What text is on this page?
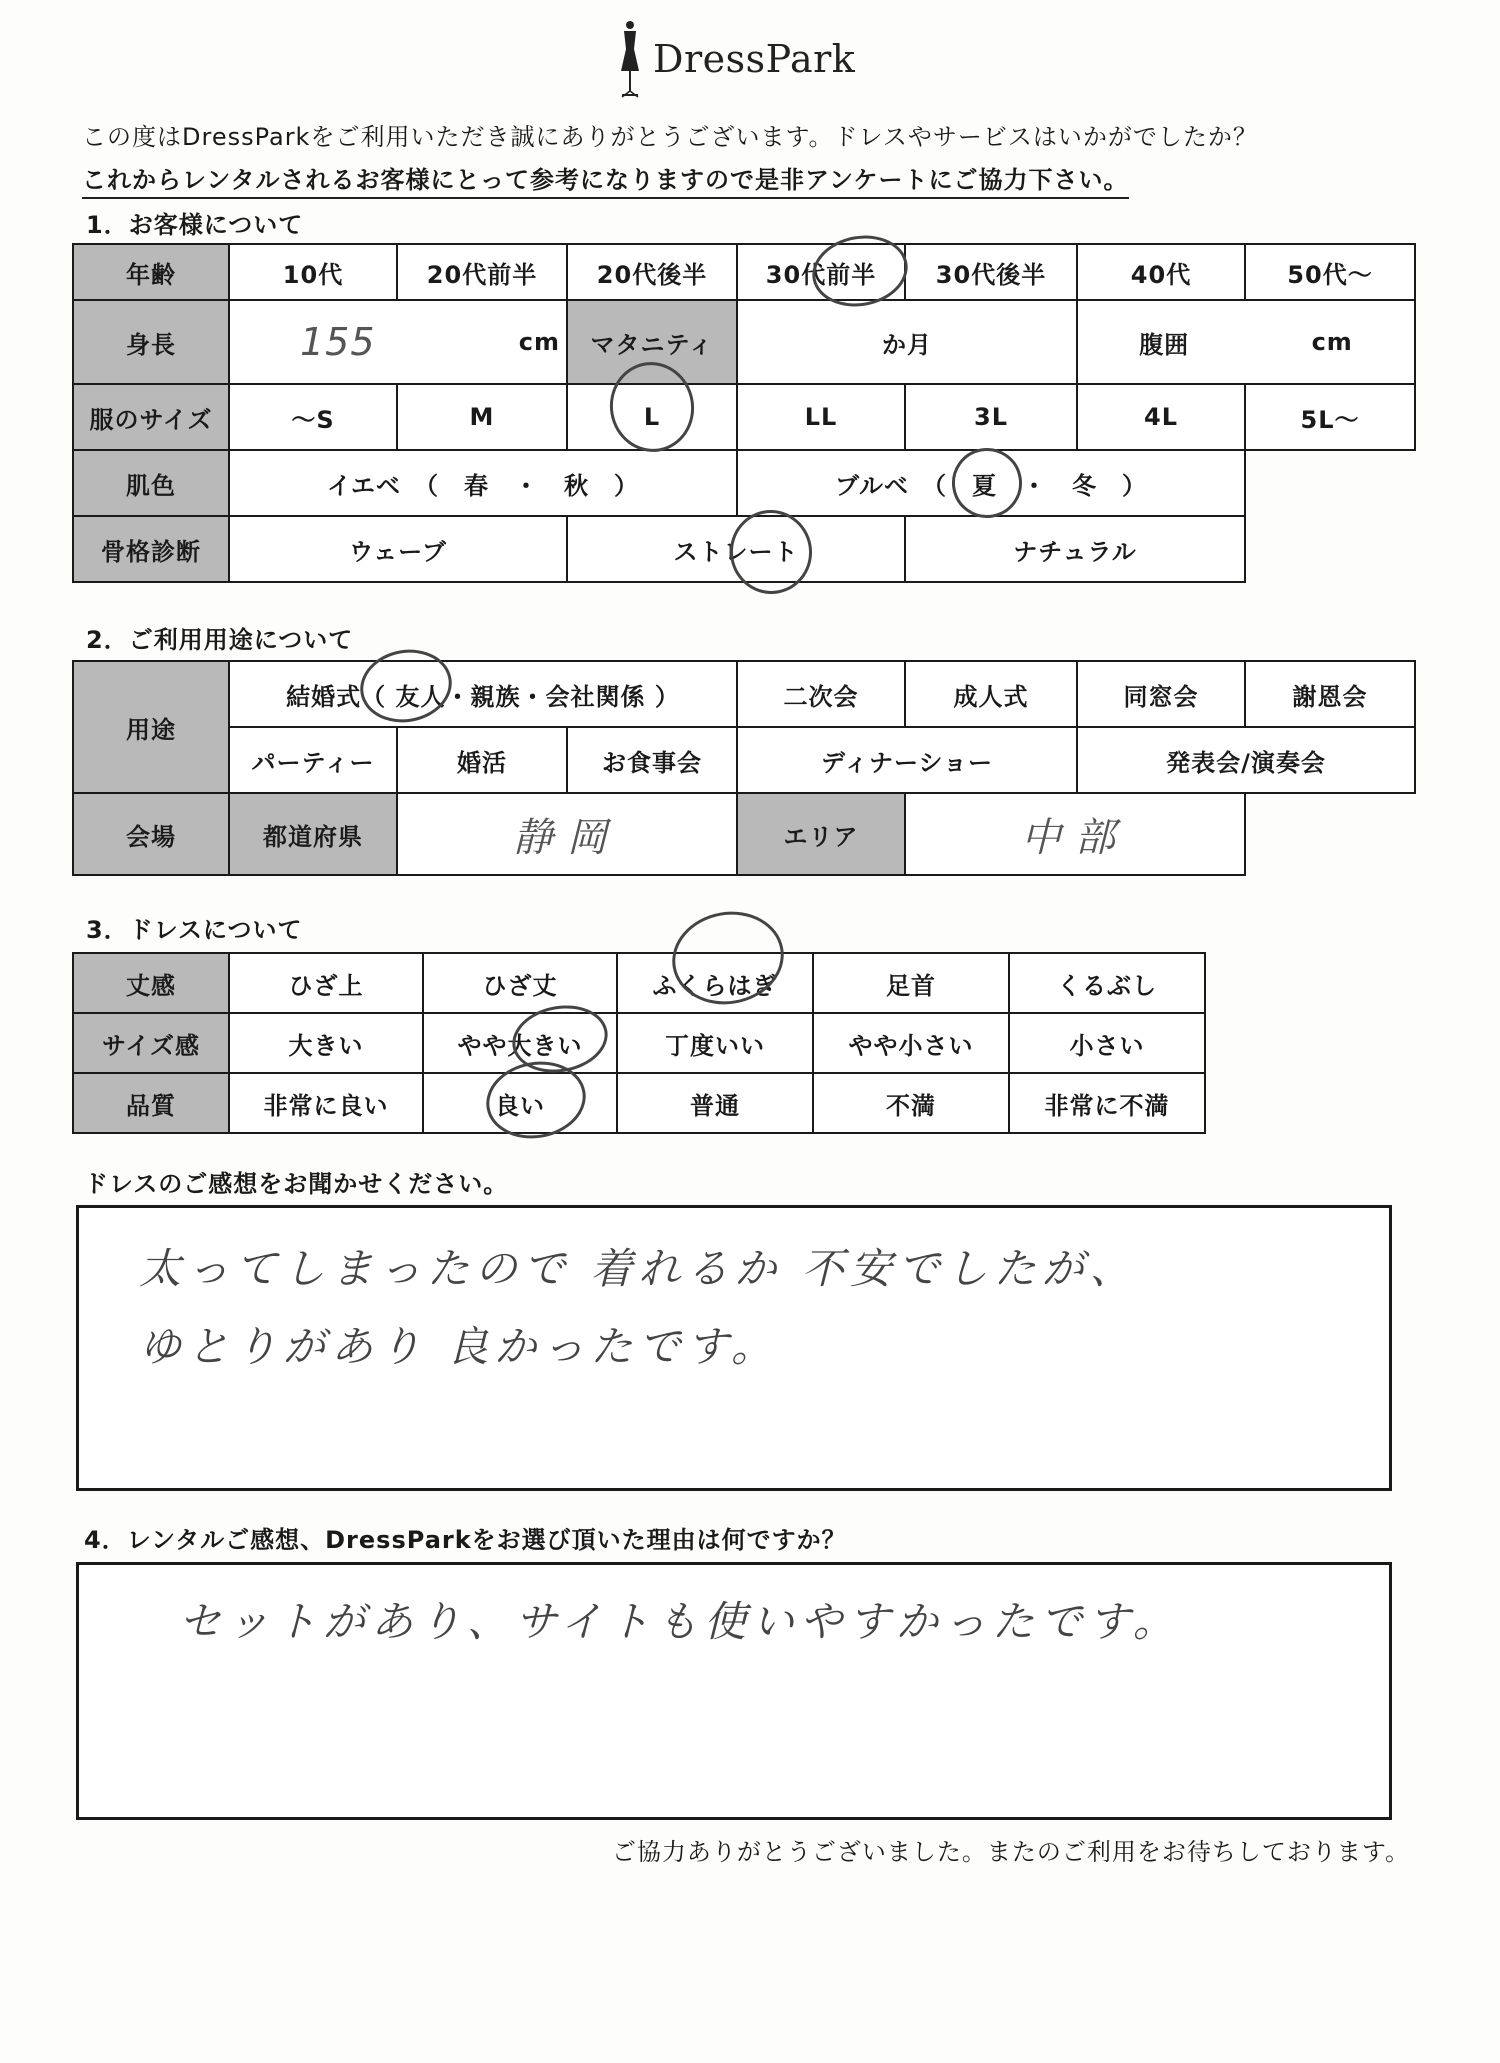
DressPark
この度はDressParkをご利用いただき誠にありがとうございます。ドレスやサービスはいかがでしたか？
これからレンタルされるお客様にとって参考になりますので是非アンケートにご協力下さい。
1．お客様について
年齢	10代	20代前半	20代後半	30代前半	30代後半	40代	50代〜
身長	155	cm	マタニティ	か月	腹囲	cm
服のサイズ	〜S	M	L	LL	3L	4L	5L〜
肌色	イエベ　（　春　・　秋　）	ブルベ　（　夏　・　冬　）
骨格診断	ウェーブ	ストレート	ナチュラル
2．ご利用用途について
用途
結婚式（ 友人・親族・会社関係 ）	二次会	成人式	同窓会	謝恩会
パーティー	婚活	お食事会	ディナーショー	発表会/演奏会
会場	都道府県	静岡	エリア	中部
3．ドレスについて
丈感	ひざ上	ひざ丈	ふくらはぎ	足首	くるぶし
サイズ感	大きい	やや大きい	丁度いい	やや小さい	小さい
品質	非常に良い	良い	普通	不満	非常に不満
ドレスのご感想をお聞かせください。
太ってしまったので 着れるか 不安でしたが、
ゆとりがあり 良かったです。
4．レンタルご感想、DressParkをお選び頂いた理由は何ですか？
セットがあり、サイトも使いやすかったです。
ご協力ありがとうございました。またのご利用をお待ちしております。
